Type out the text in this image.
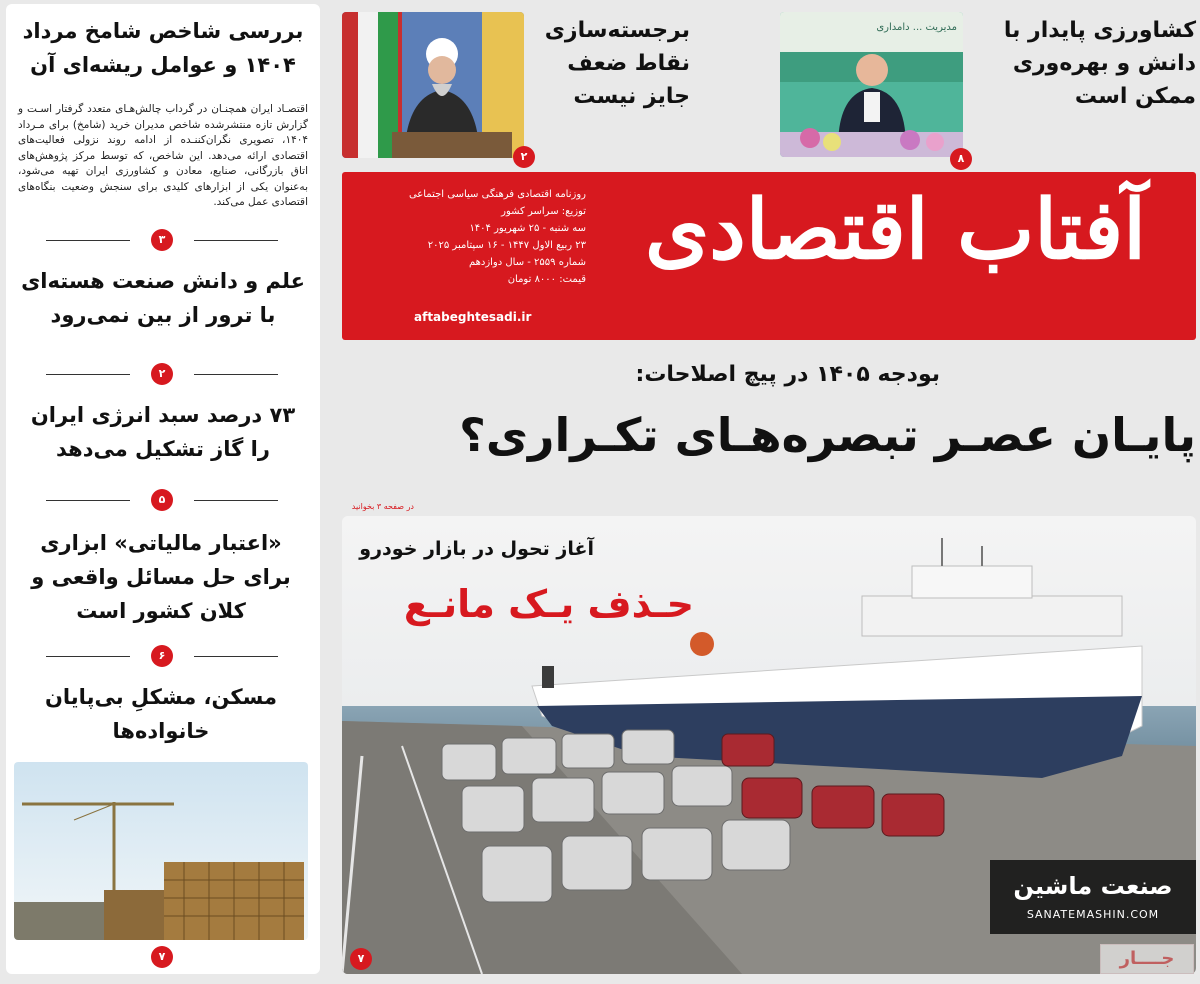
بررسی شاخص شامخ مرداد ۱۴۰۴ و عوامل ریشه‌ای آن
اقتصـاد ایران همچنـان در گرداب چالش‌هـای متعدد گرفتار اسـت و گزارش تازه منتشرشده شاخص مدیران خرید (شامخ) برای مـرداد ۱۴۰۴، تصویری نگران‌کننـده از ادامه روند نزولی فعالیت‌های اقتصادی ارائه می‌دهد. این شاخص، که توسط مرکز پژوهش‌های اتاق بازرگانی، صنایع، معادن و کشاورزی ایران تهیه می‌شود، به‌عنوان یکی از ابزارهای کلیدی برای سنجش وضعیت بنگاه‌های اقتصادی عمل می‌کند.
۳
علم و دانش صنعت هسته‌ای با ترور از بین نمی‌رود
۲
۷۳ درصد سبد انرژی ایران را گاز تشکیل می‌دهد
۵
«اعتبار مالیاتی» ابزاری برای حل مسائل واقعی و کلان کشور است
۶
مسکن، مشکلِ بی‌پایان خانواده‌ها
۷
کشاورزی پایدار با
دانش و بهره‌وری
ممکن است
مدیریت ... دامداری
۸
برجسته‌سازی
نقاط ضعف
جایز نیست
۲
آفتاب اقتصادی
روزنامه اقتصادی فرهنگی سیاسی اجتماعی
توزیع: سراسر کشور
سه شنبه - ۲۵ شهریور ۱۴۰۴
۲۳ ربیع الاول ۱۴۴۷ - ۱۶ سپتامبر ۲۰۲۵
شماره ۲۵۵۹ - سال دوازدهم
قیمت: ۸۰۰۰ تومان
aftabeghtesadi.ir
بودجه ۱۴۰۵ در پیچ اصلاحات:
پایـان عصـر تبصره‌هـای تکـراری؟
در صفحه ۳ بخوانید
آغاز تحول در بازار خودرو
حـذف یـک مانـع
۷
صنعت ماشین
SANATEMASHIN.COM
جــــار
